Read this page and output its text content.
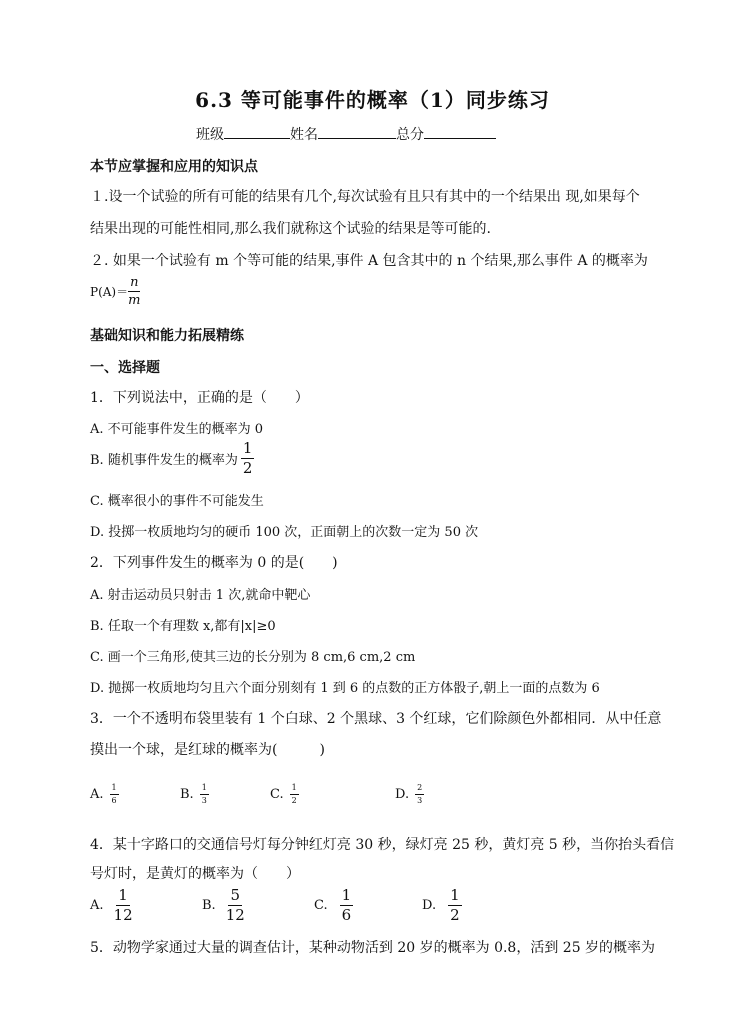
6.3 等可能事件的概率（1）同步练习
班级	姓名	总分
本节应掌握和应用的知识点
１.设一个试验的所有可能的结果有几个,每次试验有且只有其中的一个结果出 现,如果每个
结果出现的可能性相同,那么我们就称这个试验的结果是等可能的.
２. 如果一个试验有 m 个等可能的结果,事件 A 包含其中的 n 个结果,那么事件 A 的概率为
$P(A)= \frac{n}{m}$
基础知识和能力拓展精练
一、选择题
1．下列说法中，正确的是（　　）
A. 不可能事件发生的概率为 0
B. 随机事件发生的概率为 $\frac{1}{2}$
C. 概率很小的事件不可能发生
D. 投掷一枚质地均匀的硬币 100 次，正面朝上的次数一定为 50 次
2．下列事件发生的概率为 0 的是(　　)
A. 射击运动员只射击 1 次,就命中靶心
B. 任取一个有理数 x,都有|x|≥0
C. 画一个三角形,使其三边的长分别为 8 cm,6 cm,2 cm
D. 抛掷一枚质地均匀且六个面分别刻有 1 到 6 的点数的正方体骰子,朝上一面的点数为 6
3．一个不透明布袋里装有 1 个白球、2 个黑球、3 个红球，它们除颜色外都相同．从中任意
摸出一个球，是红球的概率为(　　　)
A. $\frac{1}{6}$	B. $\frac{1}{3}$	C. $\frac{1}{2}$	D. $\frac{2}{3}$
4．某十字路口的交通信号灯每分钟红灯亮 30 秒，绿灯亮 25 秒，黄灯亮 5 秒，当你抬头看信
号灯时，是黄灯的概率为（　　）
A. $\frac{1}{12}$	B. $\frac{5}{12}$	C. $\frac{1}{6}$	D. $\frac{1}{2}$
5．动物学家通过大量的调查估计，某种动物活到 20 岁的概率为 0.8，活到 25 岁的概率为
